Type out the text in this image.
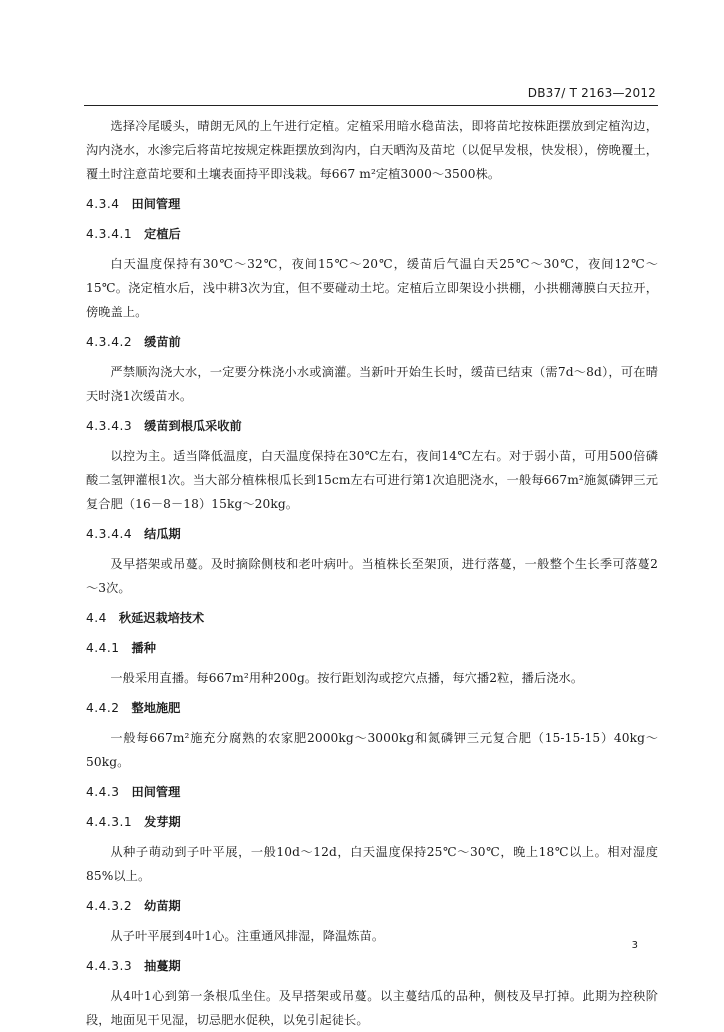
DB37/ T 2163—2012

选择冷尾暖头，晴朗无风的上午进行定植。定植采用暗水稳苗法，即将苗坨按株距摆放到定植沟边，沟内浇水，水渗完后将苗坨按规定株距摆放到沟内，白天晒沟及苗坨（以促早发根，快发根），傍晚覆土，覆土时注意苗坨要和土壤表面持平即浅栽。每667 m²定植3000～3500株。

4.3.4 田间管理
4.3.4.1 定植后

白天温度保持有30℃～32℃，夜间15℃～20℃，缓苗后气温白天25℃～30℃，夜间12℃～15℃。浇定植水后，浅中耕3次为宜，但不要碰动土坨。定植后立即架设小拱棚，小拱棚薄膜白天拉开，傍晚盖上。

4.3.4.2 缓苗前

严禁顺沟浇大水，一定要分株浇小水或滴灌。当新叶开始生长时，缓苗已结束（需7d～8d），可在晴天时浇1次缓苗水。

4.3.4.3 缓苗到根瓜采收前

以控为主。适当降低温度，白天温度保持在30℃左右，夜间14℃左右。对于弱小苗，可用500倍磷酸二氢钾灌根1次。当大部分植株根瓜长到15cm左右可进行第1次追肥浇水，一般每667m²施氮磷钾三元复合肥（16－8－18）15kg～20kg。

4.3.4.4 结瓜期

及早搭架或吊蔓。及时摘除侧枝和老叶病叶。当植株长至架顶，进行落蔓，一般整个生长季可落蔓2～3次。

4.4 秋延迟栽培技术
4.4.1 播种

一般采用直播。每667m²用种200g。按行距划沟或挖穴点播，每穴播2粒，播后浇水。

4.4.2 整地施肥

一般每667m²施充分腐熟的农家肥2000kg～3000kg和氮磷钾三元复合肥（15-15-15）40kg～50kg。

4.4.3 田间管理
4.4.3.1 发芽期

从种子萌动到子叶平展，一般10d～12d，白天温度保持25℃～30℃，晚上18℃以上。相对湿度85%以上。

4.4.3.2 幼苗期

从子叶平展到4叶1心。注重通风排湿，降温炼苗。

4.4.3.3 抽蔓期

从4叶1心到第一条根瓜坐住。及早搭架或吊蔓。以主蔓结瓜的品种，侧枝及早打掉。此期为控秧阶段，地面见干见湿，切忌肥水促秧，以免引起徒长。

3
